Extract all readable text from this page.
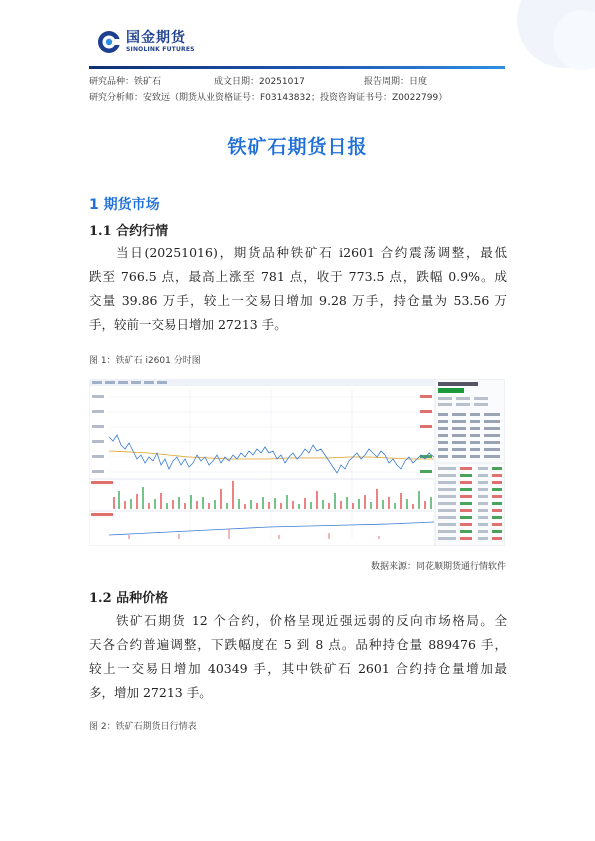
国金期货
SINOLINK FUTURES
研究品种：铁矿石	成文日期：20251017	报告周期：日度
研究分析师：安致远（期货从业资格证号：F03143832；投资咨询证书号：Z0022799）
铁矿石期货日报
1 期货市场
1.1 合约行情
当日(20251016)，期货品种铁矿石 i2601 合约震荡调整，最低
跌至 766.5 点，最高上涨至 781 点，收于 773.5 点，跌幅 0.9%。成
交量 39.86 万手，较上一交易日增加 9.28 万手，持仓量为 53.56 万
手，较前一交易日增加 27213 手。
图 1：铁矿石 i2601 分时图
数据来源：同花顺期货通行情软件
1.2 品种价格
铁矿石期货 12 个合约，价格呈现近强远弱的反向市场格局。全
天各合约普遍调整，下跌幅度在 5 到 8 点。品种持仓量 889476 手，
较上一交易日增加 40349 手，其中铁矿石 2601 合约持仓量增加最
多，增加 27213 手。
图 2：铁矿石期货日行情表
